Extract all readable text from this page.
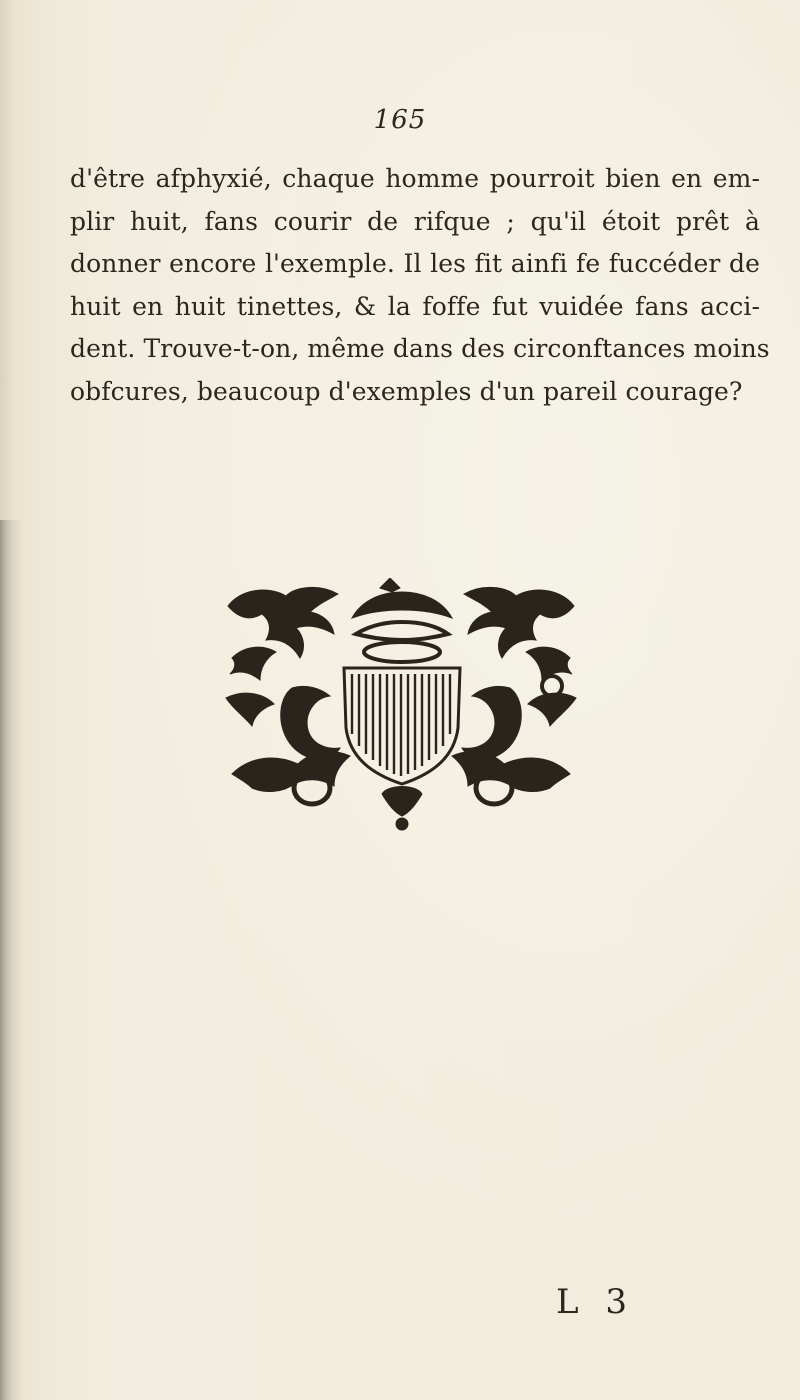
165
d'être afphyxié, chaque homme pourroit bien en em-
plir huit, fans courir de rifque ; qu'il étoit prêt à
donner encore l'exemple. Il les fit ainfi fe fuccéder de
huit en huit tinettes, & la foffe fut vuidée fans acci-
dent. Trouve-t-on, même dans des circonftances moins
obfcures, beaucoup d'exemples d'un pareil courage?
L 3
